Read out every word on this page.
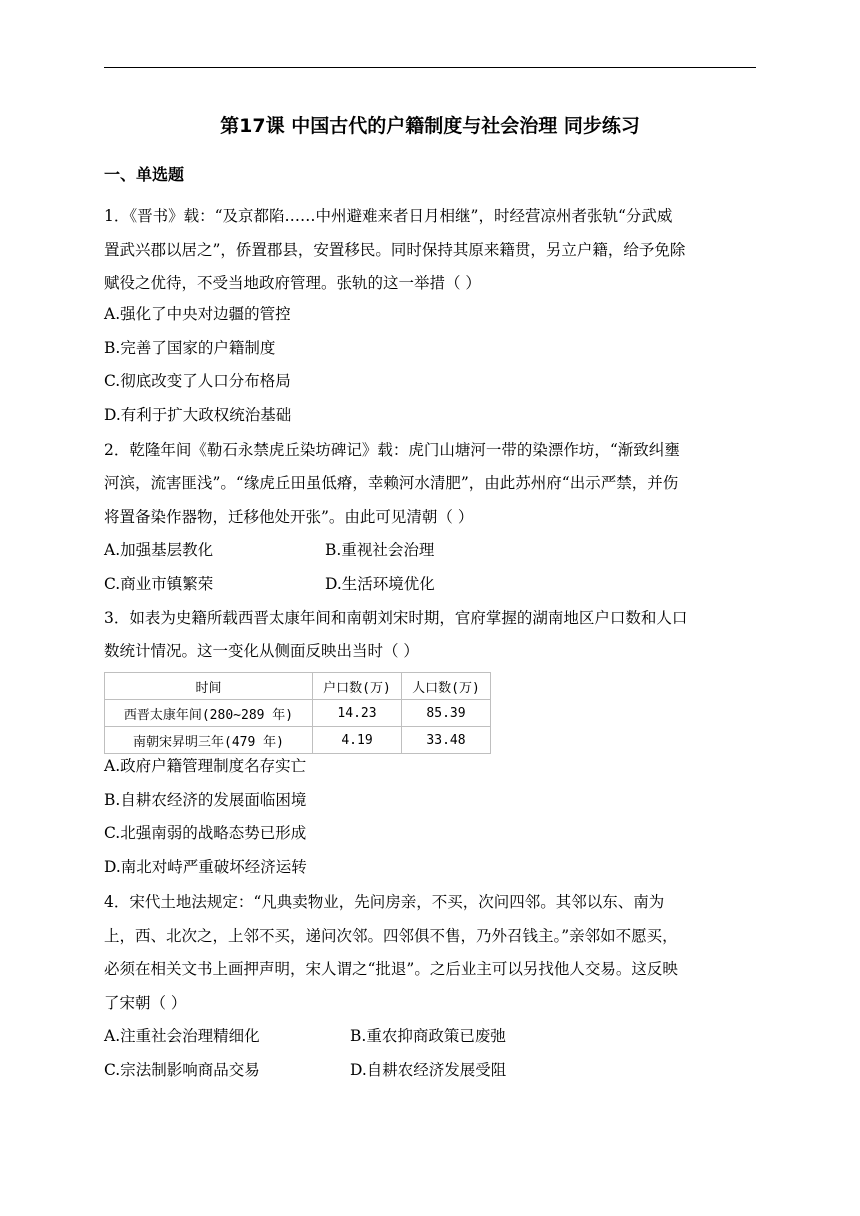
第17课 中国古代的户籍制度与社会治理 同步练习
一、单选题
1．《晋书》载：“及京都陷……中州避难来者日月相继”，时经营凉州者张轨“分武威
置武兴郡以居之”，侨置郡县，安置移民。同时保持其原来籍贯，另立户籍，给予免除
赋役之优待，不受当地政府管理。张轨的这一举措（ ）
A.强化了中央对边疆的管控
B.完善了国家的户籍制度
C.彻底改变了人口分布格局
D.有利于扩大政权统治基础
2．乾隆年间《勒石永禁虎丘染坊碑记》载：虎门山塘河一带的染漂作坊，“渐致纠壅
河滨，流害匪浅”。“缘虎丘田虽低瘠，幸赖河水清肥”，由此苏州府“出示严禁，并伤
将置备染作器物，迁移他处开张”。由此可见清朝（ ）
A.加强基层教化	B.重视社会治理
C.商业市镇繁荣	D.生活环境优化
3．如表为史籍所载西晋太康年间和南朝刘宋时期，官府掌握的湖南地区户口数和人口
数统计情况。这一变化从侧面反映出当时（ ）
时间	户口数(万)	人口数(万)
西晋太康年间(280~289 年)	14.23	85.39
南朝宋昇明三年(479 年)	4.19	33.48
A.政府户籍管理制度名存实亡
B.自耕农经济的发展面临困境
C.北强南弱的战略态势已形成
D.南北对峙严重破坏经济运转
4．宋代土地法规定：“凡典卖物业，先问房亲，不买，次问四邻。其邻以东、南为
上，西、北次之，上邻不买，递问次邻。四邻俱不售，乃外召钱主。”亲邻如不愿买，
必须在相关文书上画押声明，宋人谓之“批退”。之后业主可以另找他人交易。这反映
了宋朝（ ）
A.注重社会治理精细化	B.重农抑商政策已废弛
C.宗法制影响商品交易	D.自耕农经济发展受阻
